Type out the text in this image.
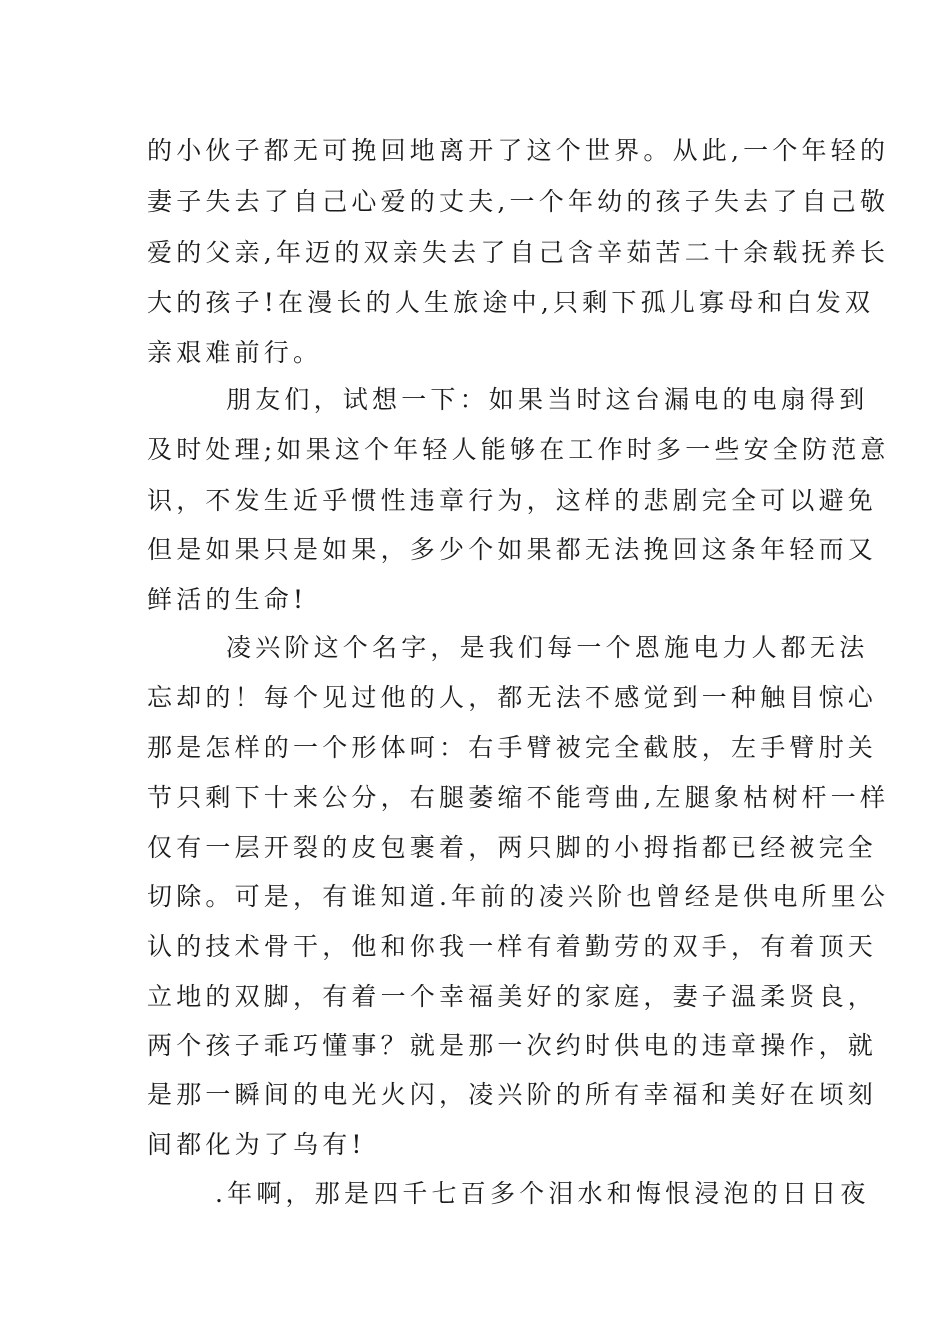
的小伙子都无可挽回地离开了这个世界。从此,一个年轻的
妻子失去了自己心爱的丈夫,一个年幼的孩子失去了自己敬
爱的父亲,年迈的双亲失去了自己含辛茹苦二十余载抚养长
大的孩子!在漫长的人生旅途中,只剩下孤儿寡母和白发双
亲艰难前行。
朋友们，试想一下：如果当时这台漏电的电扇得到
及时处理;如果这个年轻人能够在工作时多一些安全防范意
识，不发生近乎惯性违章行为，这样的悲剧完全可以避免
但是如果只是如果，多少个如果都无法挽回这条年轻而又
鲜活的生命!
凌兴阶这个名字，是我们每一个恩施电力人都无法
忘却的！每个见过他的人，都无法不感觉到一种触目惊心
那是怎样的一个形体呵：右手臂被完全截肢，左手臂肘关
节只剩下十来公分，右腿萎缩不能弯曲,左腿象枯树杆一样
仅有一层开裂的皮包裹着，两只脚的小拇指都已经被完全
切除。可是，有谁知道.年前的凌兴阶也曾经是供电所里公
认的技术骨干，他和你我一样有着勤劳的双手，有着顶天
立地的双脚，有着一个幸福美好的家庭，妻子温柔贤良，
两个孩子乖巧懂事？就是那一次约时供电的违章操作，就
是那一瞬间的电光火闪，凌兴阶的所有幸福和美好在顷刻
间都化为了乌有!
.年啊，那是四千七百多个泪水和悔恨浸泡的日日夜
